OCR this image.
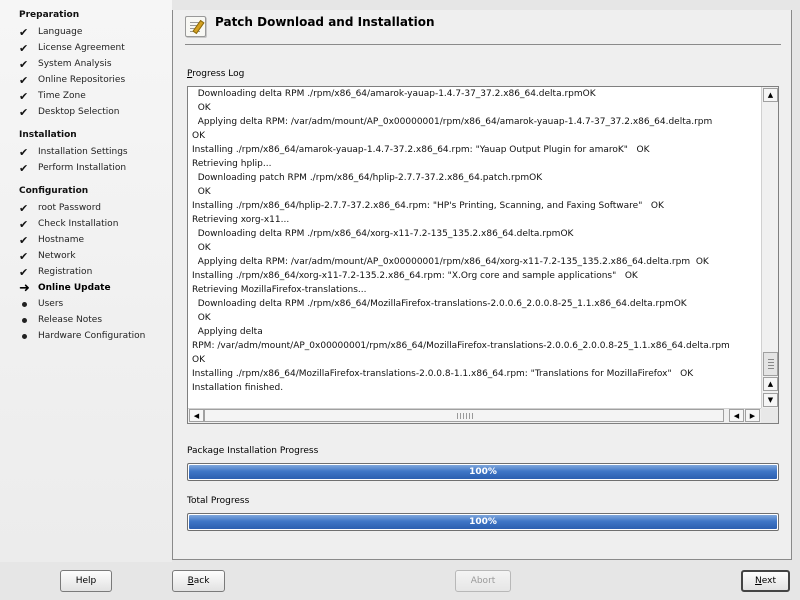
Preparation
✔	Language
✔	License Agreement
✔	System Analysis
✔	Online Repositories
✔	Time Zone
✔	Desktop Selection
Installation
✔	Installation Settings
✔	Perform Installation
Configuration
✔	root Password
✔	Check Installation
✔	Hostname
✔	Network
✔	Registration
➜ Online Update
Users
Release Notes
Hardware Configuration
Patch Download and Installation
Progress Log
Downloading delta RPM ./rpm/x86_64/amarok-yauap-1.4.7-37_37.2.x86_64.delta.rpmOK
OK
Applying delta RPM: /var/adm/mount/AP_0x00000001/rpm/x86_64/amarok-yauap-1.4.7-37_37.2.x86_64.delta.rpm
OK
Installing ./rpm/x86_64/amarok-yauap-1.4.7-37.2.x86_64.rpm: "Yauap Output Plugin for amaroK"   OK
Retrieving hplip...
Downloading patch RPM ./rpm/x86_64/hplip-2.7.7-37.2.x86_64.patch.rpmOK
OK
Installing ./rpm/x86_64/hplip-2.7.7-37.2.x86_64.rpm: "HP's Printing, Scanning, and Faxing Software"   OK
Retrieving xorg-x11...
Downloading delta RPM ./rpm/x86_64/xorg-x11-7.2-135_135.2.x86_64.delta.rpmOK
OK
Applying delta RPM: /var/adm/mount/AP_0x00000001/rpm/x86_64/xorg-x11-7.2-135_135.2.x86_64.delta.rpm  OK
Installing ./rpm/x86_64/xorg-x11-7.2-135.2.x86_64.rpm: "X.Org core and sample applications"   OK
Retrieving MozillaFirefox-translations...
Downloading delta RPM ./rpm/x86_64/MozillaFirefox-translations-2.0.0.6_2.0.0.8-25_1.1.x86_64.delta.rpmOK
OK
Applying delta
RPM: /var/adm/mount/AP_0x00000001/rpm/x86_64/MozillaFirefox-translations-2.0.0.6_2.0.0.8-25_1.1.x86_64.delta.rpm
OK
Installing ./rpm/x86_64/MozillaFirefox-translations-2.0.0.8-1.1.x86_64.rpm: "Translations for MozillaFirefox"   OK
Installation finished.
▲
▲
▼
◀	◀	▶
Package Installation Progress
100%
Total Progress
100%
Help	B ack	Abort	N ext
